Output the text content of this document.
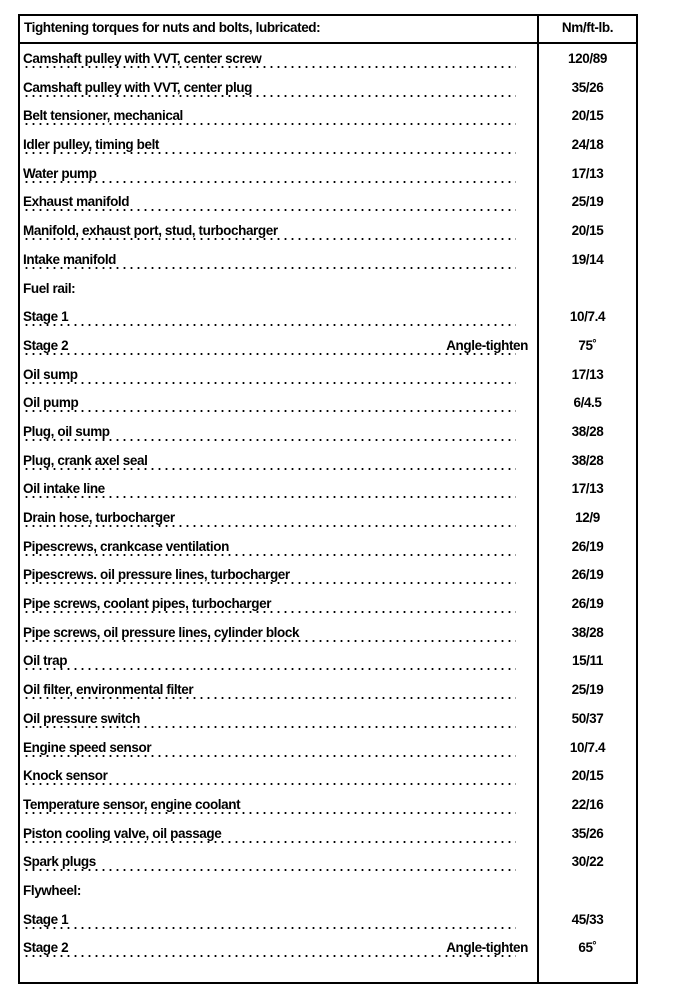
Tightening torques for nuts and bolts, lubricated:	Nm/ft-lb.
Camshaft pulley with VVT, center screw	120/89
Camshaft pulley with VVT, center plug	35/26
Belt tensioner, mechanical	20/15
Idler pulley, timing belt	24/18
Water pump	17/13
Exhaust manifold	25/19
Manifold, exhaust port, stud, turbocharger	20/15
Intake manifold	19/14
Fuel rail:
Stage 1	10/7.4
Stage 2	Angle-tighten	75˚
Oil sump	17/13
Oil pump	6/4.5
Plug, oil sump	38/28
Plug, crank axel seal	38/28
Oil intake line	17/13
Drain hose, turbocharger	12/9
Pipescrews, crankcase ventilation	26/19
Pipescrews. oil pressure lines, turbocharger	26/19
Pipe screws, coolant pipes, turbocharger	26/19
Pipe screws, oil pressure lines, cylinder block	38/28
Oil trap	15/11
Oil filter, environmental filter	25/19
Oil pressure switch	50/37
Engine speed sensor	10/7.4
Knock sensor	20/15
Temperature sensor, engine coolant	22/16
Piston cooling valve, oil passage	35/26
Spark plugs	30/22
Flywheel:
Stage 1	45/33
Stage 2	Angle-tighten	65˚
